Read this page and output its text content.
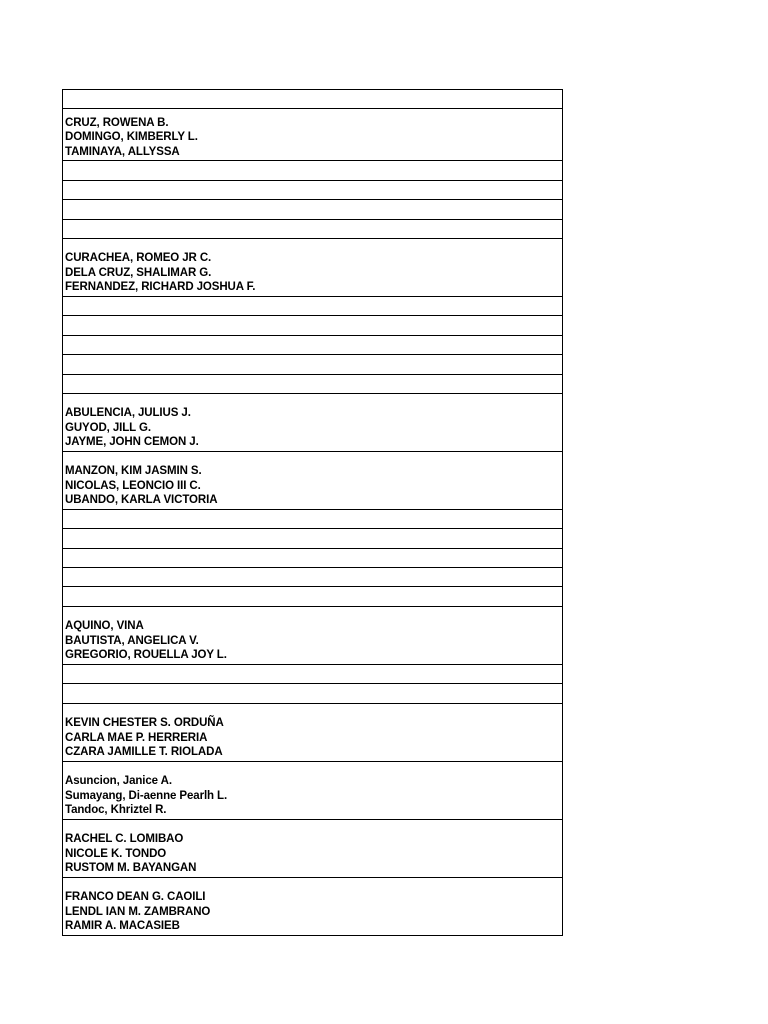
CRUZ, ROWENA B.
DOMINGO, KIMBERLY L.
TAMINAYA, ALLYSSA

CURACHEA, ROMEO JR C.
DELA CRUZ, SHALIMAR G.
FERNANDEZ, RICHARD JOSHUA F.

ABULENCIA, JULIUS J.
GUYOD, JILL G.
JAYME, JOHN CEMON J.

MANZON, KIM JASMIN S.
NICOLAS, LEONCIO III C.
UBANDO, KARLA VICTORIA

AQUINO, VINA
BAUTISTA, ANGELICA V.
GREGORIO, ROUELLA JOY L.

KEVIN CHESTER S. ORDUÑA
CARLA MAE P. HERRERIA
CZARA JAMILLE T. RIOLADA

Asuncion, Janice A.
Sumayang, Di-aenne Pearlh L.
Tandoc, Khriztel R.

RACHEL C. LOMIBAO
NICOLE K. TONDO
RUSTOM M. BAYANGAN

FRANCO DEAN G. CAOILI
LENDL IAN M. ZAMBRANO
RAMIR A. MACASIEB
